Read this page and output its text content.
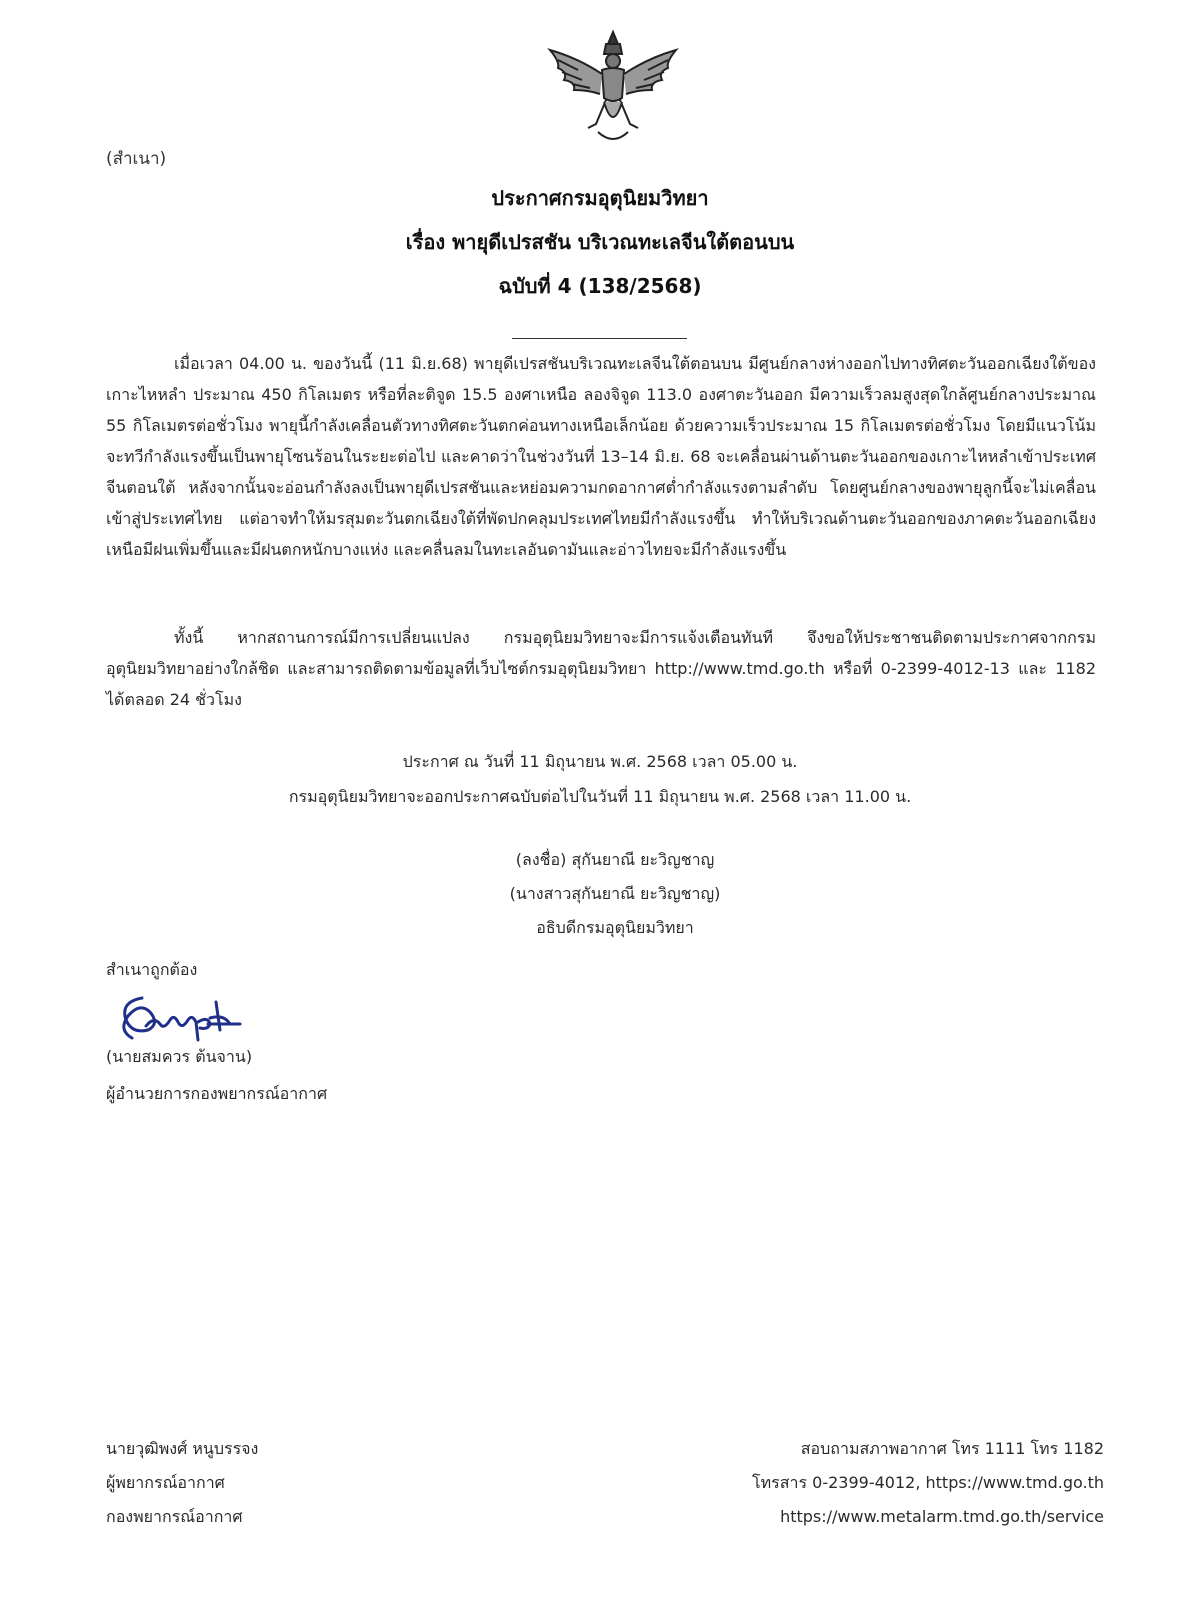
(สำเนา)
ประกาศกรมอุตุนิยมวิทยา
เรื่อง พายุดีเปรสชัน บริเวณทะเลจีนใต้ตอนบน
ฉบับที่ 4 (138/2568)

เมื่อเวลา 04.00 น. ของวันนี้ (11 มิ.ย.68) พายุดีเปรสชันบริเวณทะเลจีนใต้ตอนบน มีศูนย์กลางห่างออกไปทางทิศตะวันออกเฉียงใต้ของเกาะไหหลำ ประมาณ 450 กิโลเมตร หรือที่ละติจูด 15.5 องศาเหนือ ลองจิจูด 113.0 องศาตะวันออก มีความเร็วลมสูงสุดใกล้ศูนย์กลางประมาณ 55 กิโลเมตรต่อชั่วโมง พายุนี้กำลังเคลื่อนตัวทางทิศตะวันตกค่อนทางเหนือเล็กน้อย ด้วยความเร็วประมาณ 15 กิโลเมตรต่อชั่วโมง โดยมีแนวโน้มจะทวีกำลังแรงขึ้นเป็นพายุโซนร้อนในระยะต่อไป และคาดว่าในช่วงวันที่ 13–14 มิ.ย. 68 จะเคลื่อนผ่านด้านตะวันออกของเกาะไหหลำเข้าประเทศจีนตอนใต้ หลังจากนั้นจะอ่อนกำลังลงเป็นพายุดีเปรสชันและหย่อมความกดอากาศต่ำกำลังแรงตามลำดับ โดยศูนย์กลางของพายุลูกนี้จะไม่เคลื่อนเข้าสู่ประเทศไทย แต่อาจทำให้มรสุมตะวันตกเฉียงใต้ที่พัดปกคลุมประเทศไทยมีกำลังแรงขึ้น ทำให้บริเวณด้านตะวันออกของภาคตะวันออกเฉียงเหนือมีฝนเพิ่มขึ้นและมีฝนตกหนักบางแห่ง และคลื่นลมในทะเลอันดามันและอ่าวไทยจะมีกำลังแรงขึ้น

ทั้งนี้ หากสถานการณ์มีการเปลี่ยนแปลง กรมอุตุนิยมวิทยาจะมีการแจ้งเตือนทันที จึงขอให้ประชาชนติดตามประกาศจากกรมอุตุนิยมวิทยาอย่างใกล้ชิด และสามารถติดตามข้อมูลที่เว็บไซต์กรมอุตุนิยมวิทยา http://www.tmd.go.th หรือที่ 0-2399-4012-13 และ 1182 ได้ตลอด 24 ชั่วโมง

ประกาศ ณ วันที่ 11 มิถุนายน พ.ศ. 2568 เวลา 05.00 น.
กรมอุตุนิยมวิทยาจะออกประกาศฉบับต่อไปในวันที่ 11 มิถุนายน พ.ศ. 2568 เวลา 11.00 น.
(ลงชื่อ) สุกันยาณี ยะวิญชาญ
(นางสาวสุกันยาณี ยะวิญชาญ)
อธิบดีกรมอุตุนิยมวิทยา
สำเนาถูกต้อง
(นายสมควร ต้นจาน)
ผู้อำนวยการกองพยากรณ์อากาศ
นายวุฒิพงศ์ หนูบรรจง
ผู้พยากรณ์อากาศ
กองพยากรณ์อากาศ
สอบถามสภาพอากาศ โทร 1111 โทร 1182
โทรสาร 0-2399-4012, https://www.tmd.go.th
https://www.metalarm.tmd.go.th/service
